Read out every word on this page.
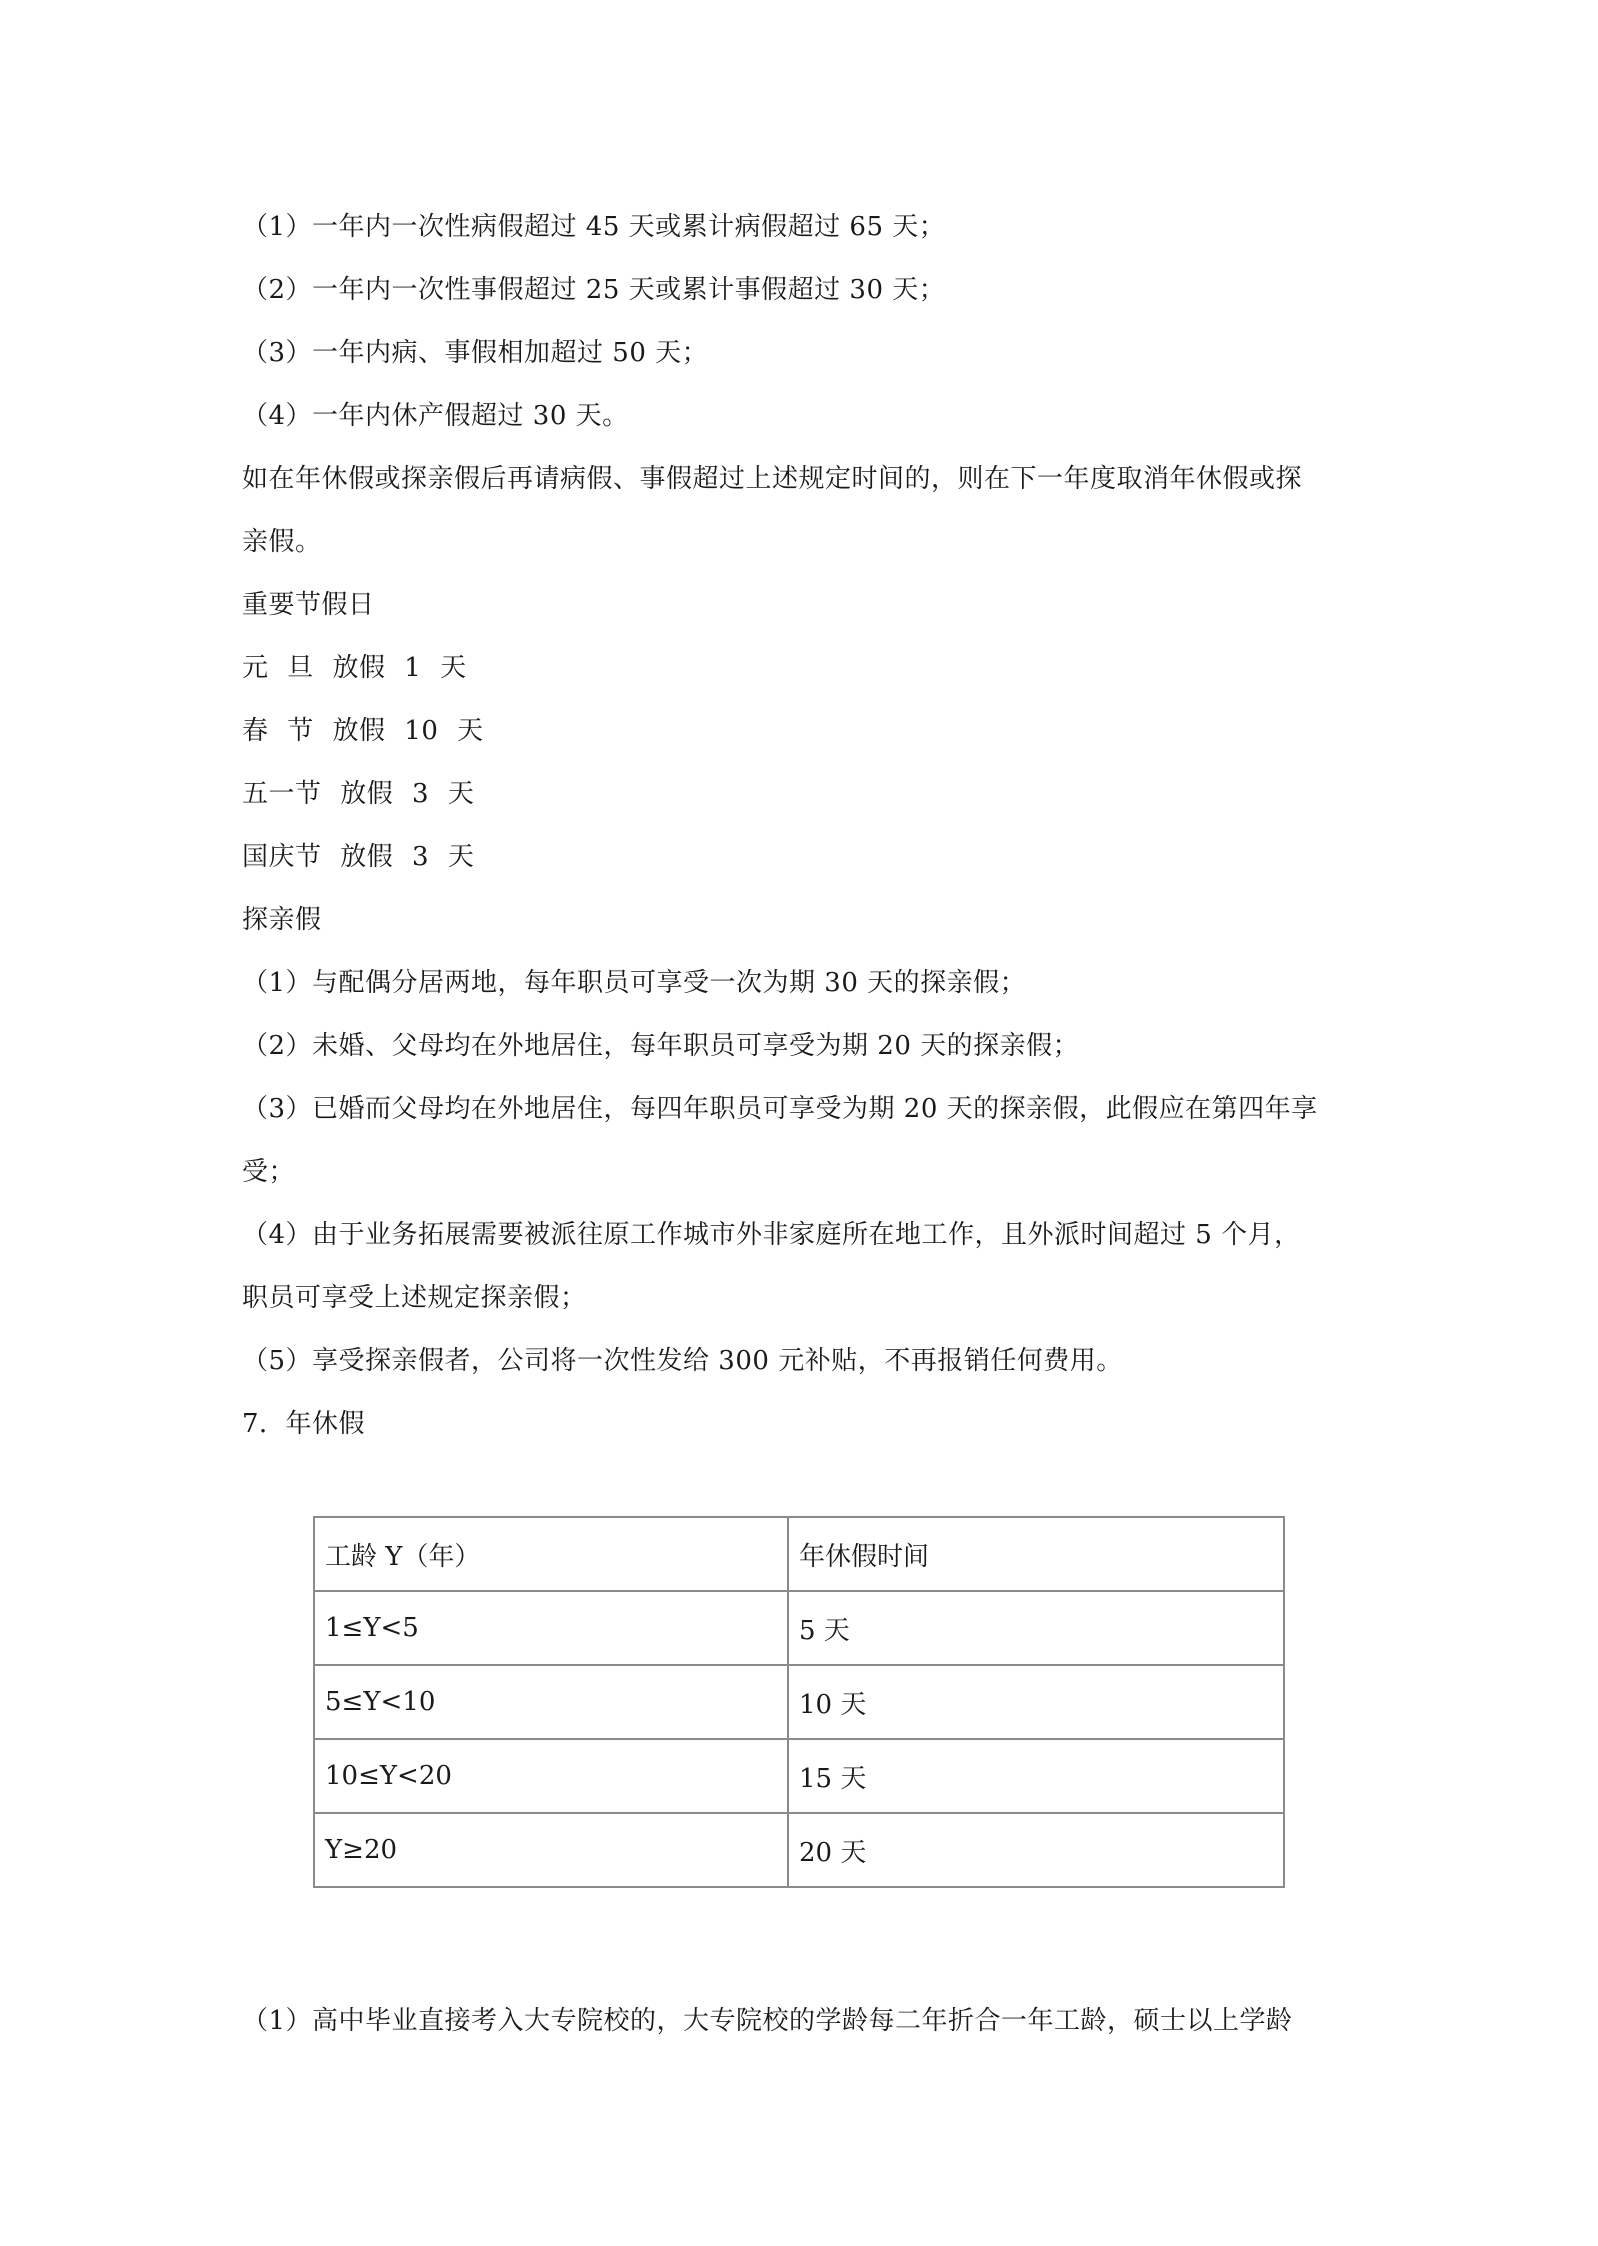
（1）一年内一次性病假超过 45 天或累计病假超过 65 天；
（2）一年内一次性事假超过 25 天或累计事假超过 30 天；
（3）一年内病、事假相加超过 50 天；
（4）一年内休产假超过 30 天。
如在年休假或探亲假后再请病假、事假超过上述规定时间的，则在下一年度取消年休假或探
亲假。
重要节假日
元 旦 放假 1 天
春 节 放假 10 天
五一节 放假 3 天
国庆节 放假 3 天
探亲假
（1）与配偶分居两地，每年职员可享受一次为期 30 天的探亲假；
（2）未婚、父母均在外地居住，每年职员可享受为期 20 天的探亲假；
（3）已婚而父母均在外地居住，每四年职员可享受为期 20 天的探亲假，此假应在第四年享
受；
（4）由于业务拓展需要被派往原工作城市外非家庭所在地工作，且外派时间超过 5 个月，
职员可享受上述规定探亲假；
（5）享受探亲假者，公司将一次性发给 300 元补贴，不再报销任何费用。
7．年休假
工龄 Y（年）	年休假时间
1≤Y<5	5 天
5≤Y<10	10 天
10≤Y<20	15 天
Y≥20	20 天
（1）高中毕业直接考入大专院校的，大专院校的学龄每二年折合一年工龄，硕士以上学龄
